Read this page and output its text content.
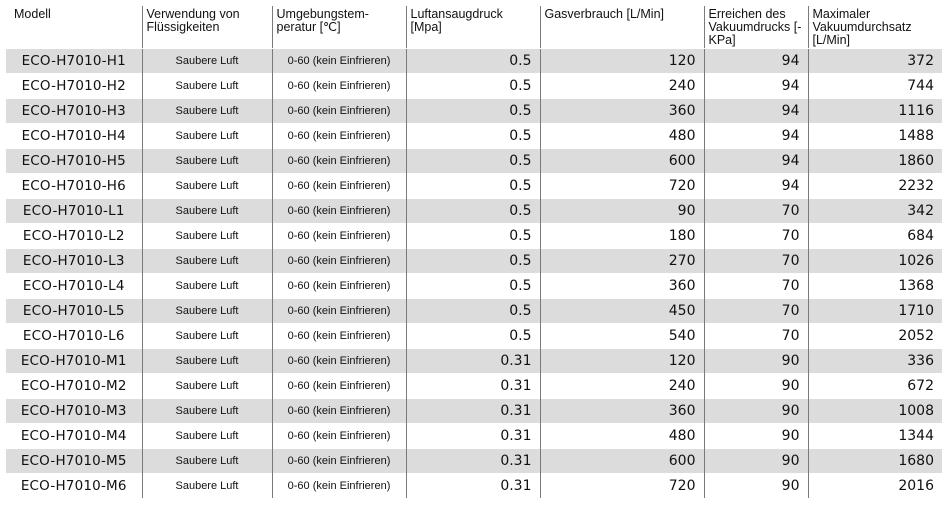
Modell	Verwendung von Flüssigkeiten	Umgebungstem-peratur [℃]	Luftansaugdruck [Mpa]	Gasverbrauch [L/Min]	Erreichen des Vakuumdrucks [- KPa]	Maximaler Vakuumdurchsatz [L/Min]
ECO-H7010-H1	Saubere Luft	0-60 (kein Einfrieren)	0.5	120	94	372
ECO-H7010-H2	Saubere Luft	0-60 (kein Einfrieren)	0.5	240	94	744
ECO-H7010-H3	Saubere Luft	0-60 (kein Einfrieren)	0.5	360	94	1116
ECO-H7010-H4	Saubere Luft	0-60 (kein Einfrieren)	0.5	480	94	1488
ECO-H7010-H5	Saubere Luft	0-60 (kein Einfrieren)	0.5	600	94	1860
ECO-H7010-H6	Saubere Luft	0-60 (kein Einfrieren)	0.5	720	94	2232
ECO-H7010-L1	Saubere Luft	0-60 (kein Einfrieren)	0.5	90	70	342
ECO-H7010-L2	Saubere Luft	0-60 (kein Einfrieren)	0.5	180	70	684
ECO-H7010-L3	Saubere Luft	0-60 (kein Einfrieren)	0.5	270	70	1026
ECO-H7010-L4	Saubere Luft	0-60 (kein Einfrieren)	0.5	360	70	1368
ECO-H7010-L5	Saubere Luft	0-60 (kein Einfrieren)	0.5	450	70	1710
ECO-H7010-L6	Saubere Luft	0-60 (kein Einfrieren)	0.5	540	70	2052
ECO-H7010-M1	Saubere Luft	0-60 (kein Einfrieren)	0.31	120	90	336
ECO-H7010-M2	Saubere Luft	0-60 (kein Einfrieren)	0.31	240	90	672
ECO-H7010-M3	Saubere Luft	0-60 (kein Einfrieren)	0.31	360	90	1008
ECO-H7010-M4	Saubere Luft	0-60 (kein Einfrieren)	0.31	480	90	1344
ECO-H7010-M5	Saubere Luft	0-60 (kein Einfrieren)	0.31	600	90	1680
ECO-H7010-M6	Saubere Luft	0-60 (kein Einfrieren)	0.31	720	90	2016
